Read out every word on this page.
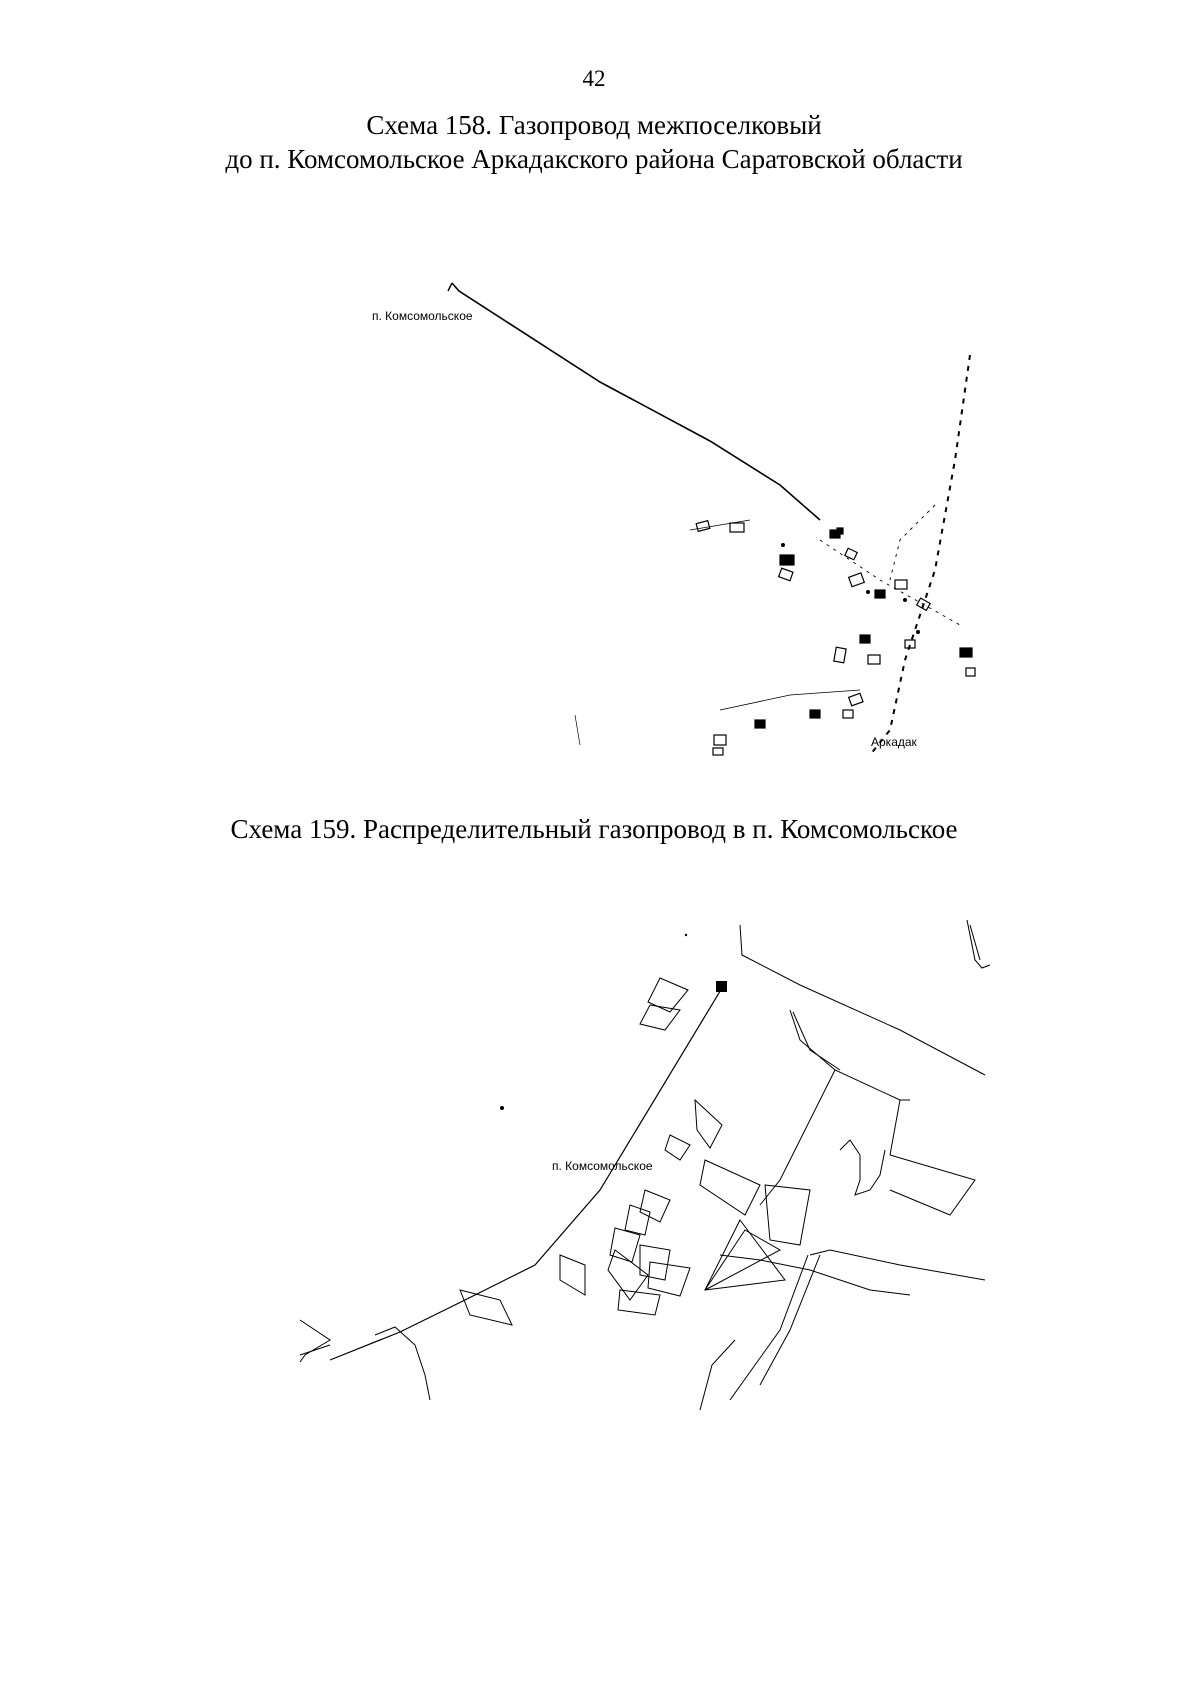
42
Схема 158. Газопровод межпоселковый
до п. Комсомольское Аркадакского района Саратовской области
п. Комсомольское
Аркадак
Схема 159. Распределительный газопровод в п. Комсомольское
п. Комсомольское
